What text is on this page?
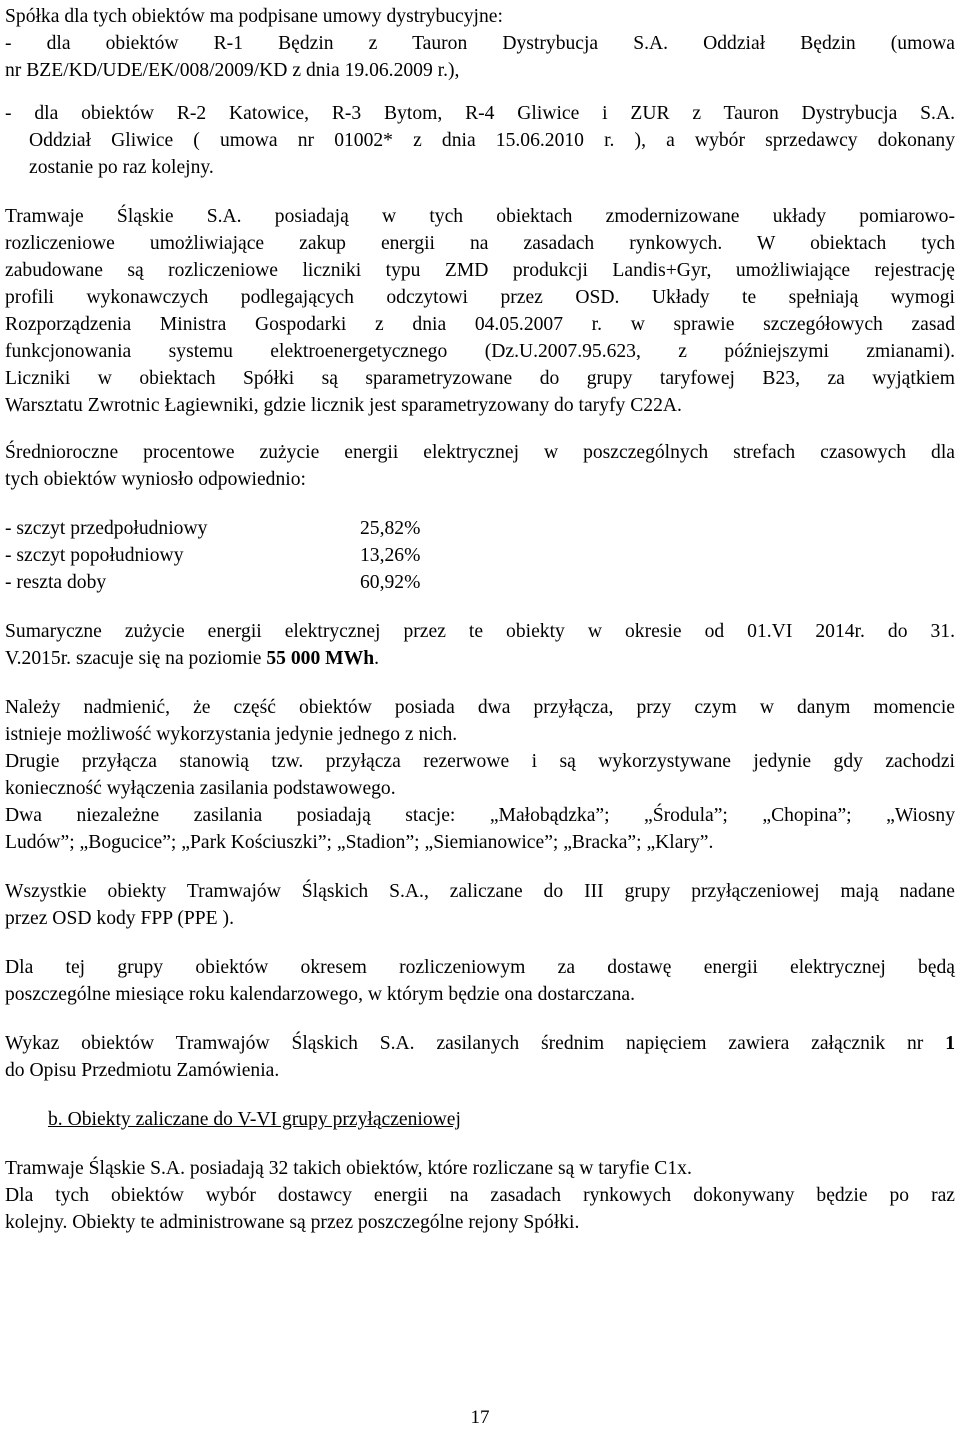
Spółka dla tych obiektów ma podpisane umowy dystrybucyjne:

- dla obiektów R-1 Będzin z Tauron Dystrybucja S.A. Oddział Będzin (umowa

nr BZE/KD/UDE/EK/008/2009/KD z dnia 19.06.2009 r.),

- dla obiektów R-2 Katowice, R-3 Bytom, R-4 Gliwice i ZUR z Tauron Dystrybucja S.A.

Oddział Gliwice ( umowa nr 01002* z dnia 15.06.2010 r. ), a wybór sprzedawcy dokonany

zostanie po raz kolejny.

Tramwaje Śląskie S.A. posiadają w tych obiektach zmodernizowane układy pomiarowo-

rozliczeniowe umożliwiające zakup energii na zasadach rynkowych. W obiektach tych

zabudowane są rozliczeniowe liczniki typu ZMD produkcji Landis+Gyr, umożliwiające rejestrację

profili wykonawczych podlegających odczytowi przez OSD. Układy te spełniają wymogi

Rozporządzenia Ministra Gospodarki z dnia 04.05.2007 r. w sprawie szczegółowych zasad

funkcjonowania systemu elektroenergetycznego (Dz.U.2007.95.623, z późniejszymi zmianami).

Liczniki w obiektach Spółki są sparametryzowane do grupy taryfowej B23, za wyjątkiem

Warsztatu Zwrotnic Łagiewniki, gdzie licznik jest sparametryzowany do taryfy C22A.

Średnioroczne procentowe zużycie energii elektrycznej w poszczególnych strefach czasowych dla

tych obiektów wyniosło odpowiednio:

- szczyt przedpołudniowy	25,82%
- szczyt popołudniowy	13,26%
- reszta doby	60,92%

Sumaryczne zużycie energii elektrycznej przez te obiekty w okresie od 01.VI 2014r. do 31.

V.2015r. szacuje się na poziomie 55 000 MWh.

Należy nadmienić, że część obiektów posiada dwa przyłącza, przy czym w danym momencie

istnieje możliwość wykorzystania jedynie jednego z nich.

Drugie przyłącza stanowią tzw. przyłącza rezerwowe i są wykorzystywane jedynie gdy zachodzi

konieczność wyłączenia zasilania podstawowego.

Dwa niezależne zasilania posiadają stacje: „Małobądzka”; „Środula”; „Chopina”; „Wiosny

Ludów”; „Bogucice”; „Park Kościuszki”; „Stadion”; „Siemianowice”; „Bracka”; „Klary”.

Wszystkie obiekty Tramwajów Śląskich S.A., zaliczane do III grupy przyłączeniowej mają nadane

przez OSD kody FPP (PPE ).

Dla tej grupy obiektów okresem rozliczeniowym za dostawę energii elektrycznej będą

poszczególne miesiące roku kalendarzowego, w którym będzie ona dostarczana.

Wykaz obiektów Tramwajów Śląskich S.A. zasilanych średnim napięciem zawiera załącznik nr 1

do Opisu Przedmiotu Zamówienia.

b. Obiekty zaliczane do V-VI grupy przyłączeniowej

Tramwaje Śląskie S.A. posiadają 32 takich obiektów, które rozliczane są w taryfie C1x.

Dla tych obiektów wybór dostawcy energii na zasadach rynkowych dokonywany będzie po raz

kolejny. Obiekty te administrowane są przez poszczególne rejony Spółki.

17
